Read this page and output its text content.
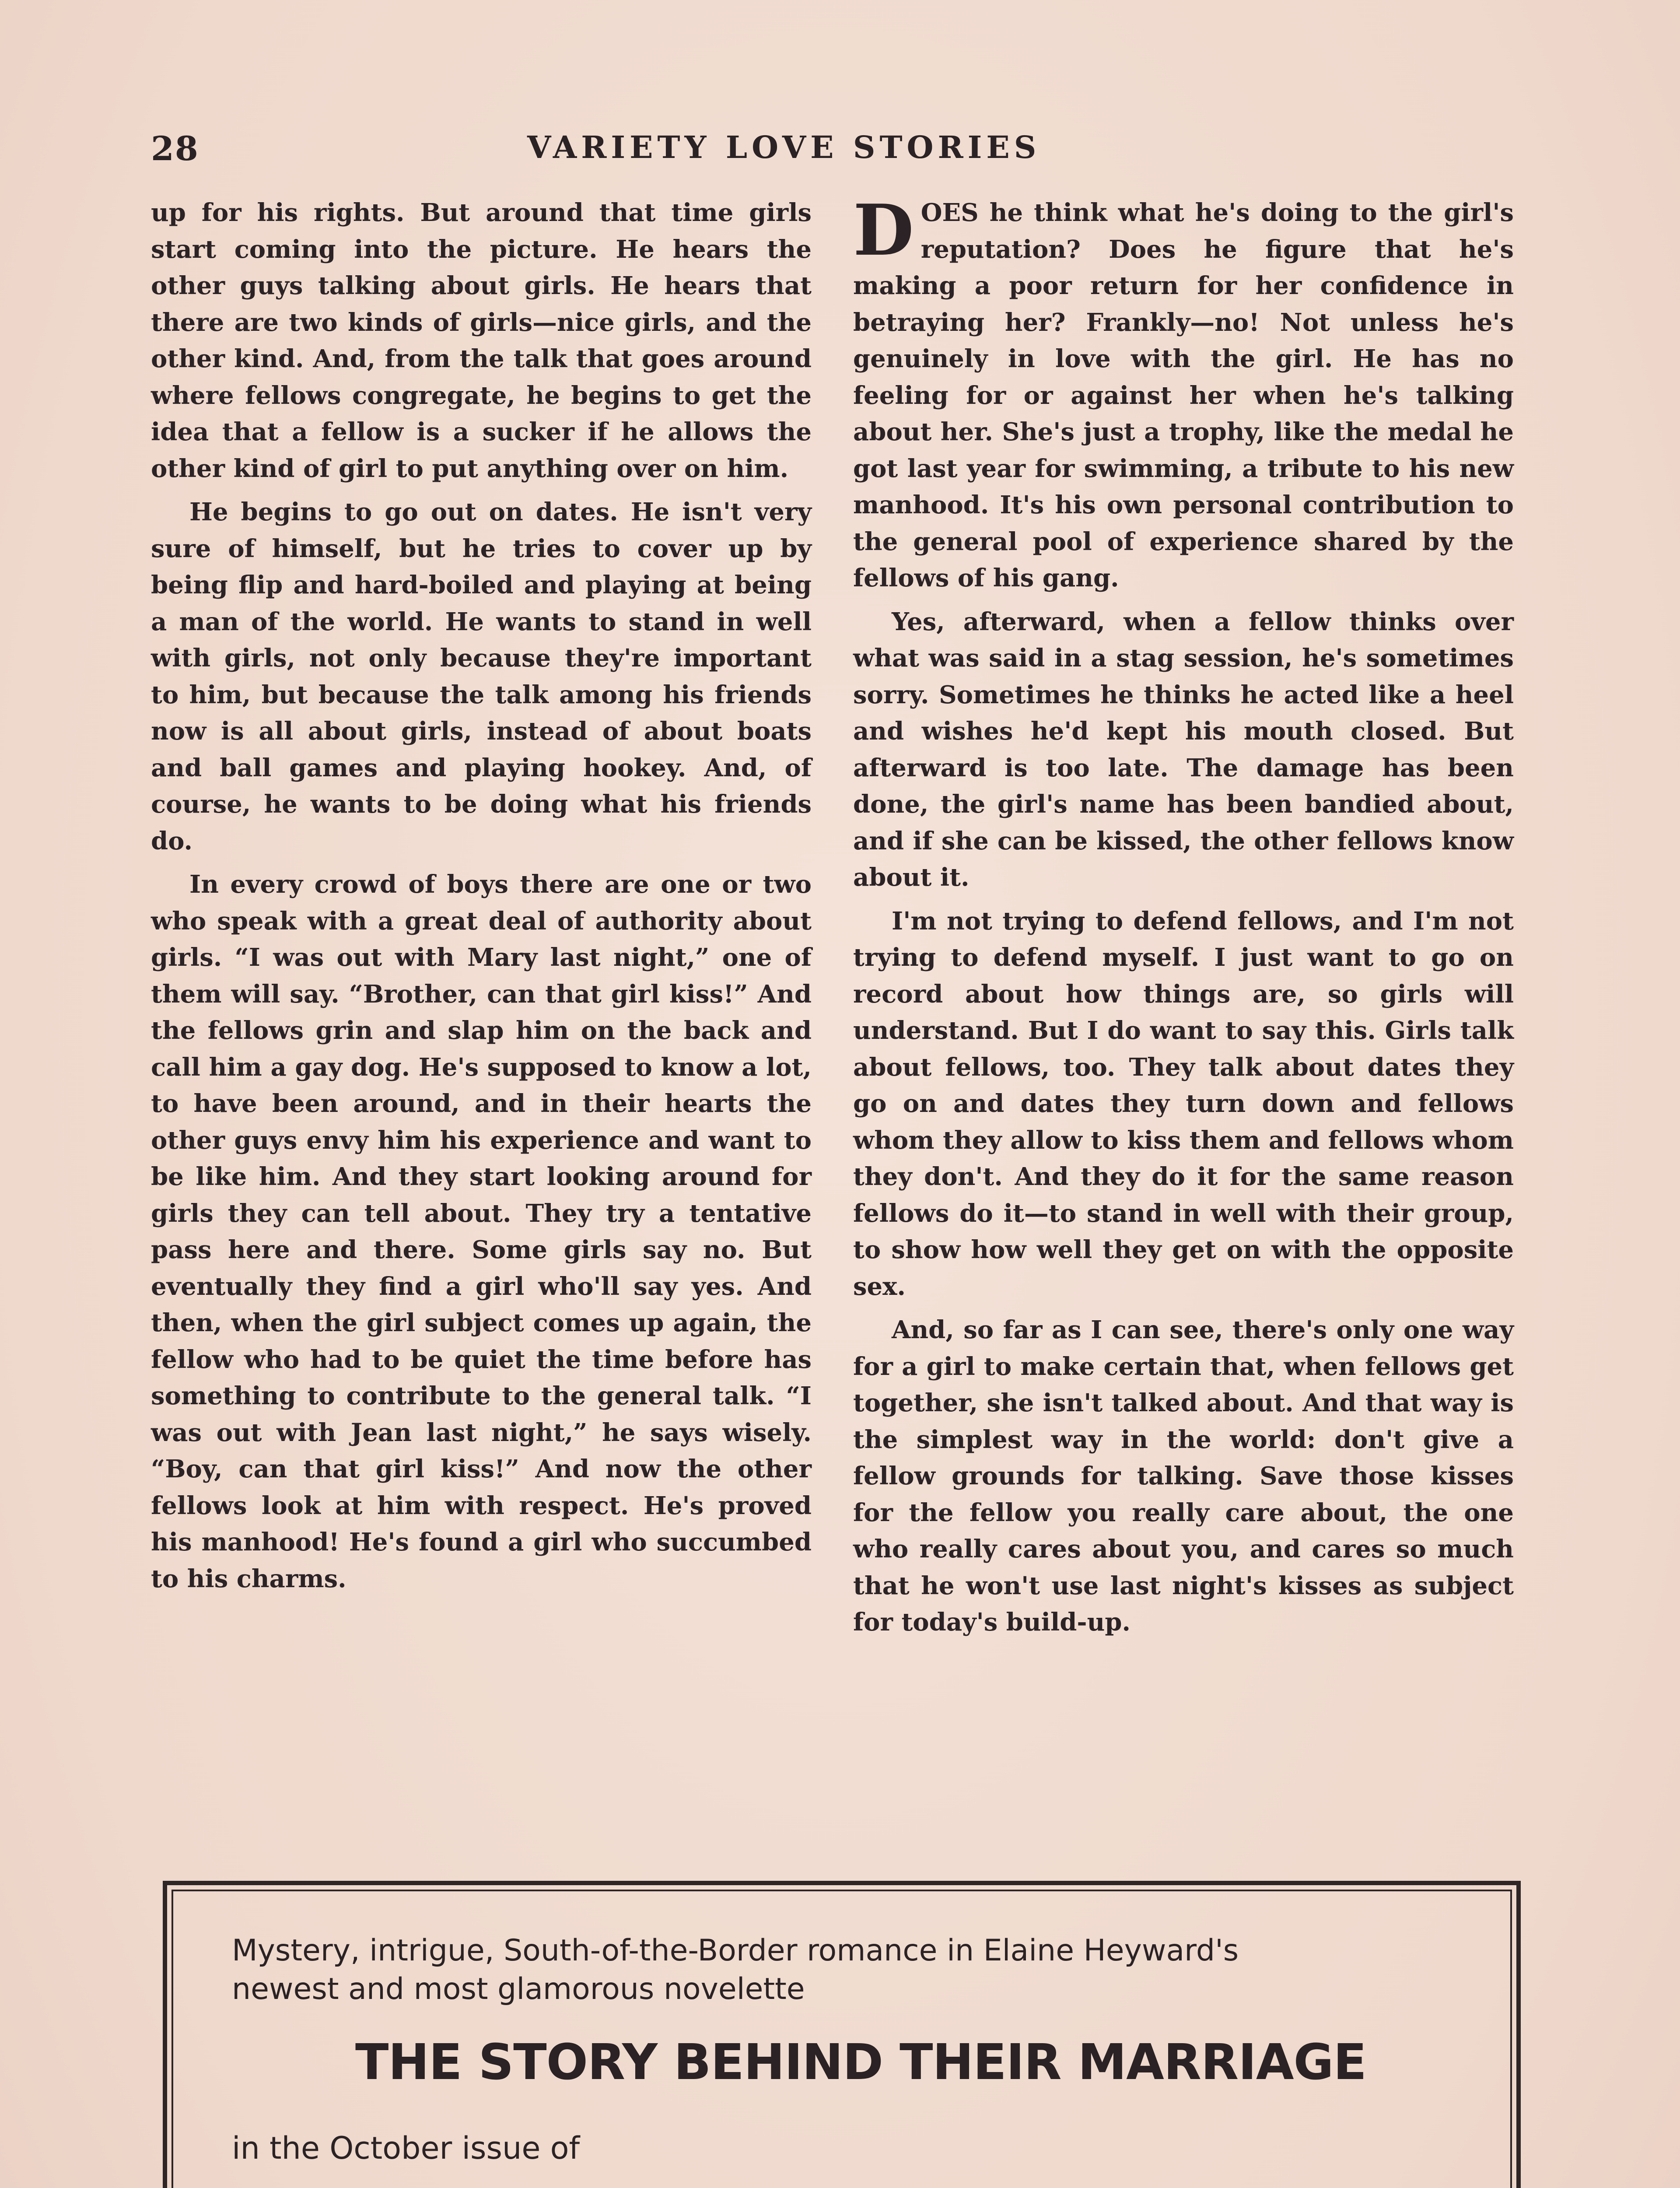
28	VARIETY LOVE STORIES

up for his rights. But around that time girls start coming into the picture. He hears the other guys talking about girls. He hears that there are two kinds of girls—nice girls, and the other kind. And, from the talk that goes around where fellows congregate, he begins to get the idea that a fellow is a sucker if he allows the other kind of girl to put anything over on him.

He begins to go out on dates. He isn't very sure of himself, but he tries to cover up by being flip and hard-boiled and playing at being a man of the world. He wants to stand in well with girls, not only because they're important to him, but because the talk among his friends now is all about girls, instead of about boats and ball games and playing hookey. And, of course, he wants to be doing what his friends do.

In every crowd of boys there are one or two who speak with a great deal of authority about girls. “I was out with Mary last night,” one of them will say. “Brother, can that girl kiss!” And the fellows grin and slap him on the back and call him a gay dog. He's supposed to know a lot, to have been around, and in their hearts the other guys envy him his experience and want to be like him. And they start looking around for girls they can tell about. They try a tentative pass here and there. Some girls say no. But eventually they find a girl who'll say yes. And then, when the girl subject comes up again, the fellow who had to be quiet the time before has something to contribute to the general talk. “I was out with Jean last night,” he says wisely. “Boy, can that girl kiss!” And now the other fellows look at him with respect. He's proved his manhood! He's found a girl who succumbed to his charms.

DOES he think what he's doing to the girl's reputation? Does he figure that he's making a poor return for her confidence in betraying her? Frankly—no! Not unless he's genuinely in love with the girl. He has no feeling for or against her when he's talking about her. She's just a trophy, like the medal he got last year for swimming, a tribute to his new manhood. It's his own personal contribution to the general pool of experience shared by the fellows of his gang.

Yes, afterward, when a fellow thinks over what was said in a stag session, he's sometimes sorry. Sometimes he thinks he acted like a heel and wishes he'd kept his mouth closed. But afterward is too late. The damage has been done, the girl's name has been bandied about, and if she can be kissed, the other fellows know about it.

I'm not trying to defend fellows, and I'm not trying to defend myself. I just want to go on record about how things are, so girls will understand. But I do want to say this. Girls talk about fellows, too. They talk about dates they go on and dates they turn down and fellows whom they allow to kiss them and fellows whom they don't. And they do it for the same reason fellows do it—to stand in well with their group, to show how well they get on with the opposite sex.

And, so far as I can see, there's only one way for a girl to make certain that, when fellows get together, she isn't talked about. And that way is the simplest way in the world: don't give a fellow grounds for talking. Save those kisses for the fellow you really care about, the one who really cares about you, and cares so much that he won't use last night's kisses as subject for today's build-up.

Mystery, intrigue, South-of-the-Border romance in Elaine Heyward's
newest and most glamorous novelette
THE STORY BEHIND THEIR MARRIAGE
in the October issue of
